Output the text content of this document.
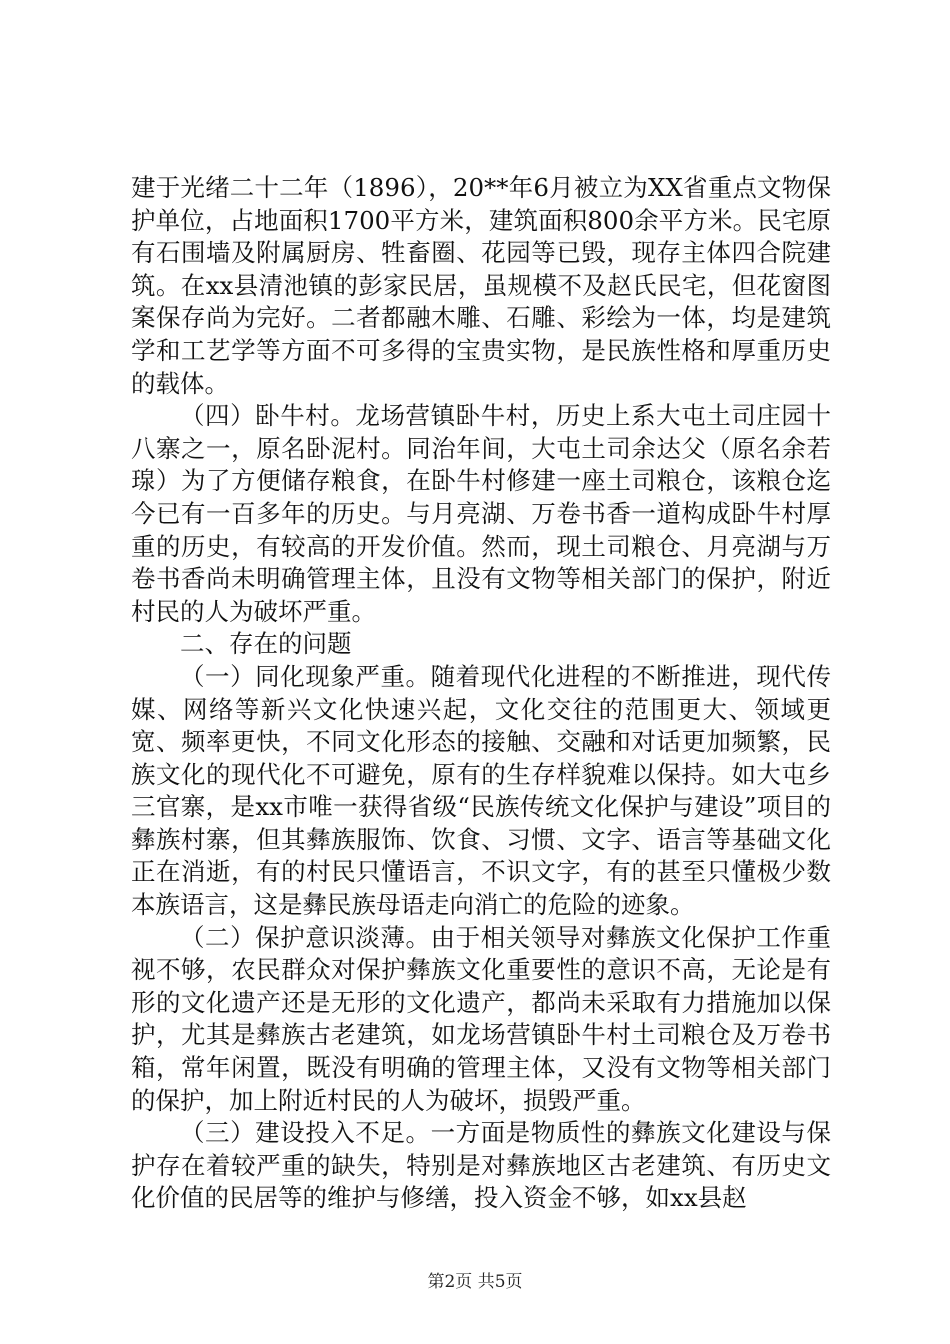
建于光绪二十二年（1896），20**年6月被立为XX省重点文物保护单位，占地面积1700平方米，建筑面积800余平方米。民宅原有石围墙及附属厨房、牲畜圈、花园等已毁，现存主体四合院建筑。在xx县清池镇的彭家民居，虽规模不及赵氏民宅，但花窗图案保存尚为完好。二者都融木雕、石雕、彩绘为一体，均是建筑学和工艺学等方面不可多得的宝贵实物，是民族性格和厚重历史的载体。

（四）卧牛村。龙场营镇卧牛村，历史上系大屯土司庄园十八寨之一，原名卧泥村。同治年间，大屯土司余达父（原名余若瑔）为了方便储存粮食，在卧牛村修建一座土司粮仓，该粮仓迄今已有一百多年的历史。与月亮湖、万卷书香一道构成卧牛村厚重的历史，有较高的开发价值。然而，现土司粮仓、月亮湖与万卷书香尚未明确管理主体，且没有文物等相关部门的保护，附近村民的人为破坏严重。

二、存在的问题

（一）同化现象严重。随着现代化进程的不断推进，现代传媒、网络等新兴文化快速兴起，文化交往的范围更大、领域更宽、频率更快，不同文化形态的接触、交融和对话更加频繁，民族文化的现代化不可避免，原有的生存样貌难以保持。如大屯乡三官寨，是xx市唯一获得省级“民族传统文化保护与建设”项目的彝族村寨，但其彝族服饰、饮食、习惯、文字、语言等基础文化正在消逝，有的村民只懂语言，不识文字，有的甚至只懂极少数本族语言，这是彝民族母语走向消亡的危险的迹象。

（二）保护意识淡薄。由于相关领导对彝族文化保护工作重视不够，农民群众对保护彝族文化重要性的意识不高，无论是有形的文化遗产还是无形的文化遗产，都尚未采取有力措施加以保护，尤其是彝族古老建筑，如龙场营镇卧牛村土司粮仓及万卷书箱，常年闲置，既没有明确的管理主体，又没有文物等相关部门的保护，加上附近村民的人为破坏，损毁严重。

（三）建设投入不足。一方面是物质性的彝族文化建设与保护存在着较严重的缺失，特别是对彝族地区古老建筑、有历史文化价值的民居等的维护与修缮，投入资金不够，如xx县赵

第2页 共5页
